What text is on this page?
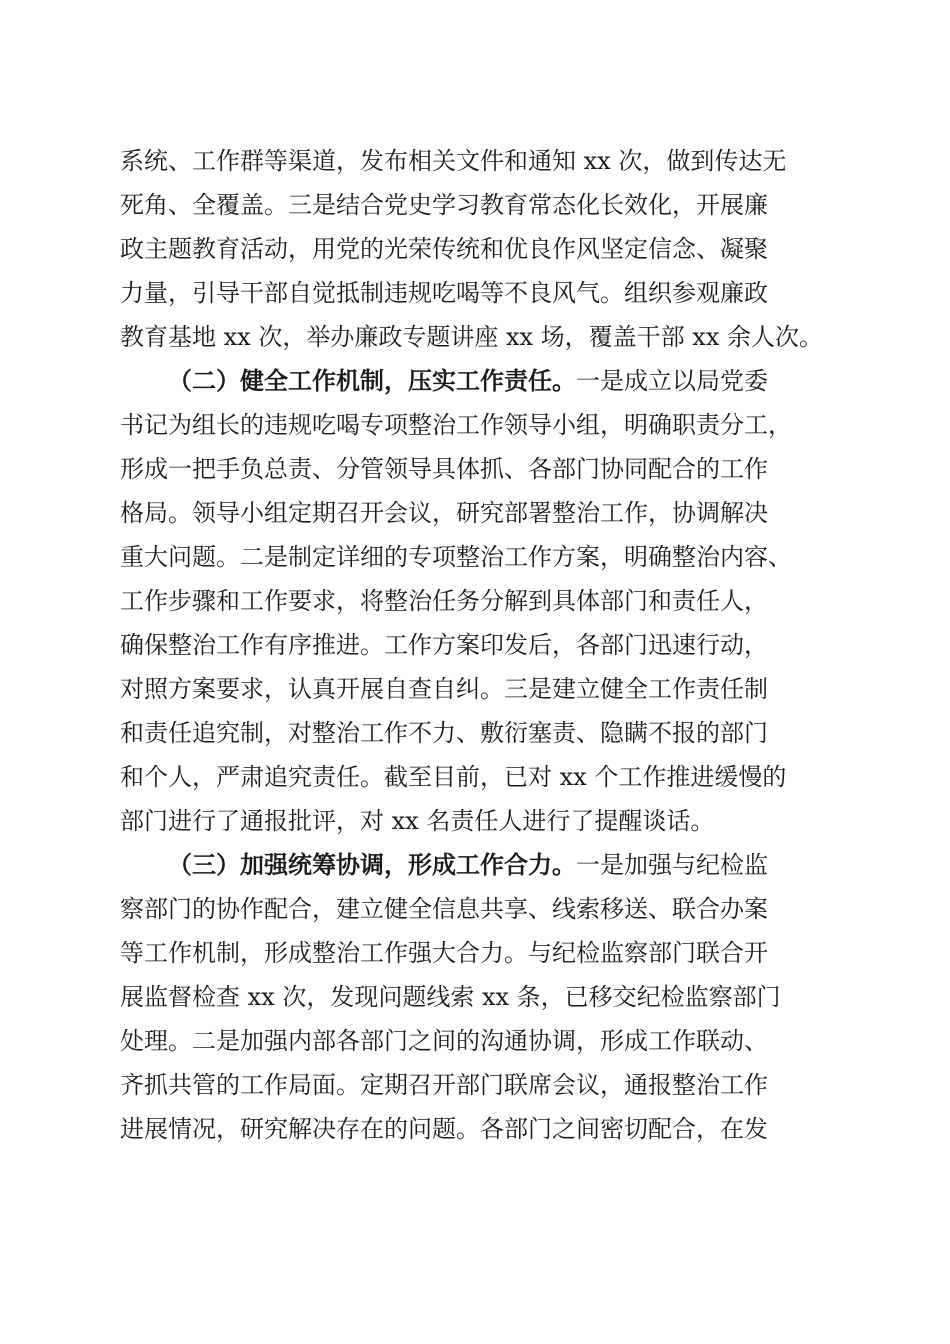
系统、工作群等渠道，发布相关文件和通知 xx 次，做到传达无
死角、全覆盖。三是结合党史学习教育常态化长效化，开展廉
政主题教育活动，用党的光荣传统和优良作风坚定信念、凝聚
力量，引导干部自觉抵制违规吃喝等不良风气。组织参观廉政
教育基地 xx 次，举办廉政专题讲座 xx 场，覆盖干部 xx 余人次。
（二）健全工作机制，压实工作责任。一是成立以局党委
书记为组长的违规吃喝专项整治工作领导小组，明确职责分工，
形成一把手负总责、分管领导具体抓、各部门协同配合的工作
格局。领导小组定期召开会议，研究部署整治工作，协调解决
重大问题。二是制定详细的专项整治工作方案，明确整治内容、
工作步骤和工作要求，将整治任务分解到具体部门和责任人，
确保整治工作有序推进。工作方案印发后，各部门迅速行动，
对照方案要求，认真开展自查自纠。三是建立健全工作责任制
和责任追究制，对整治工作不力、敷衍塞责、隐瞒不报的部门
和个人，严肃追究责任。截至目前，已对 xx 个工作推进缓慢的
部门进行了通报批评，对 xx 名责任人进行了提醒谈话。
（三）加强统筹协调，形成工作合力。一是加强与纪检监
察部门的协作配合，建立健全信息共享、线索移送、联合办案
等工作机制，形成整治工作强大合力。与纪检监察部门联合开
展监督检查 xx 次，发现问题线索 xx 条，已移交纪检监察部门
处理。二是加强内部各部门之间的沟通协调，形成工作联动、
齐抓共管的工作局面。定期召开部门联席会议，通报整治工作
进展情况，研究解决存在的问题。各部门之间密切配合，在发
